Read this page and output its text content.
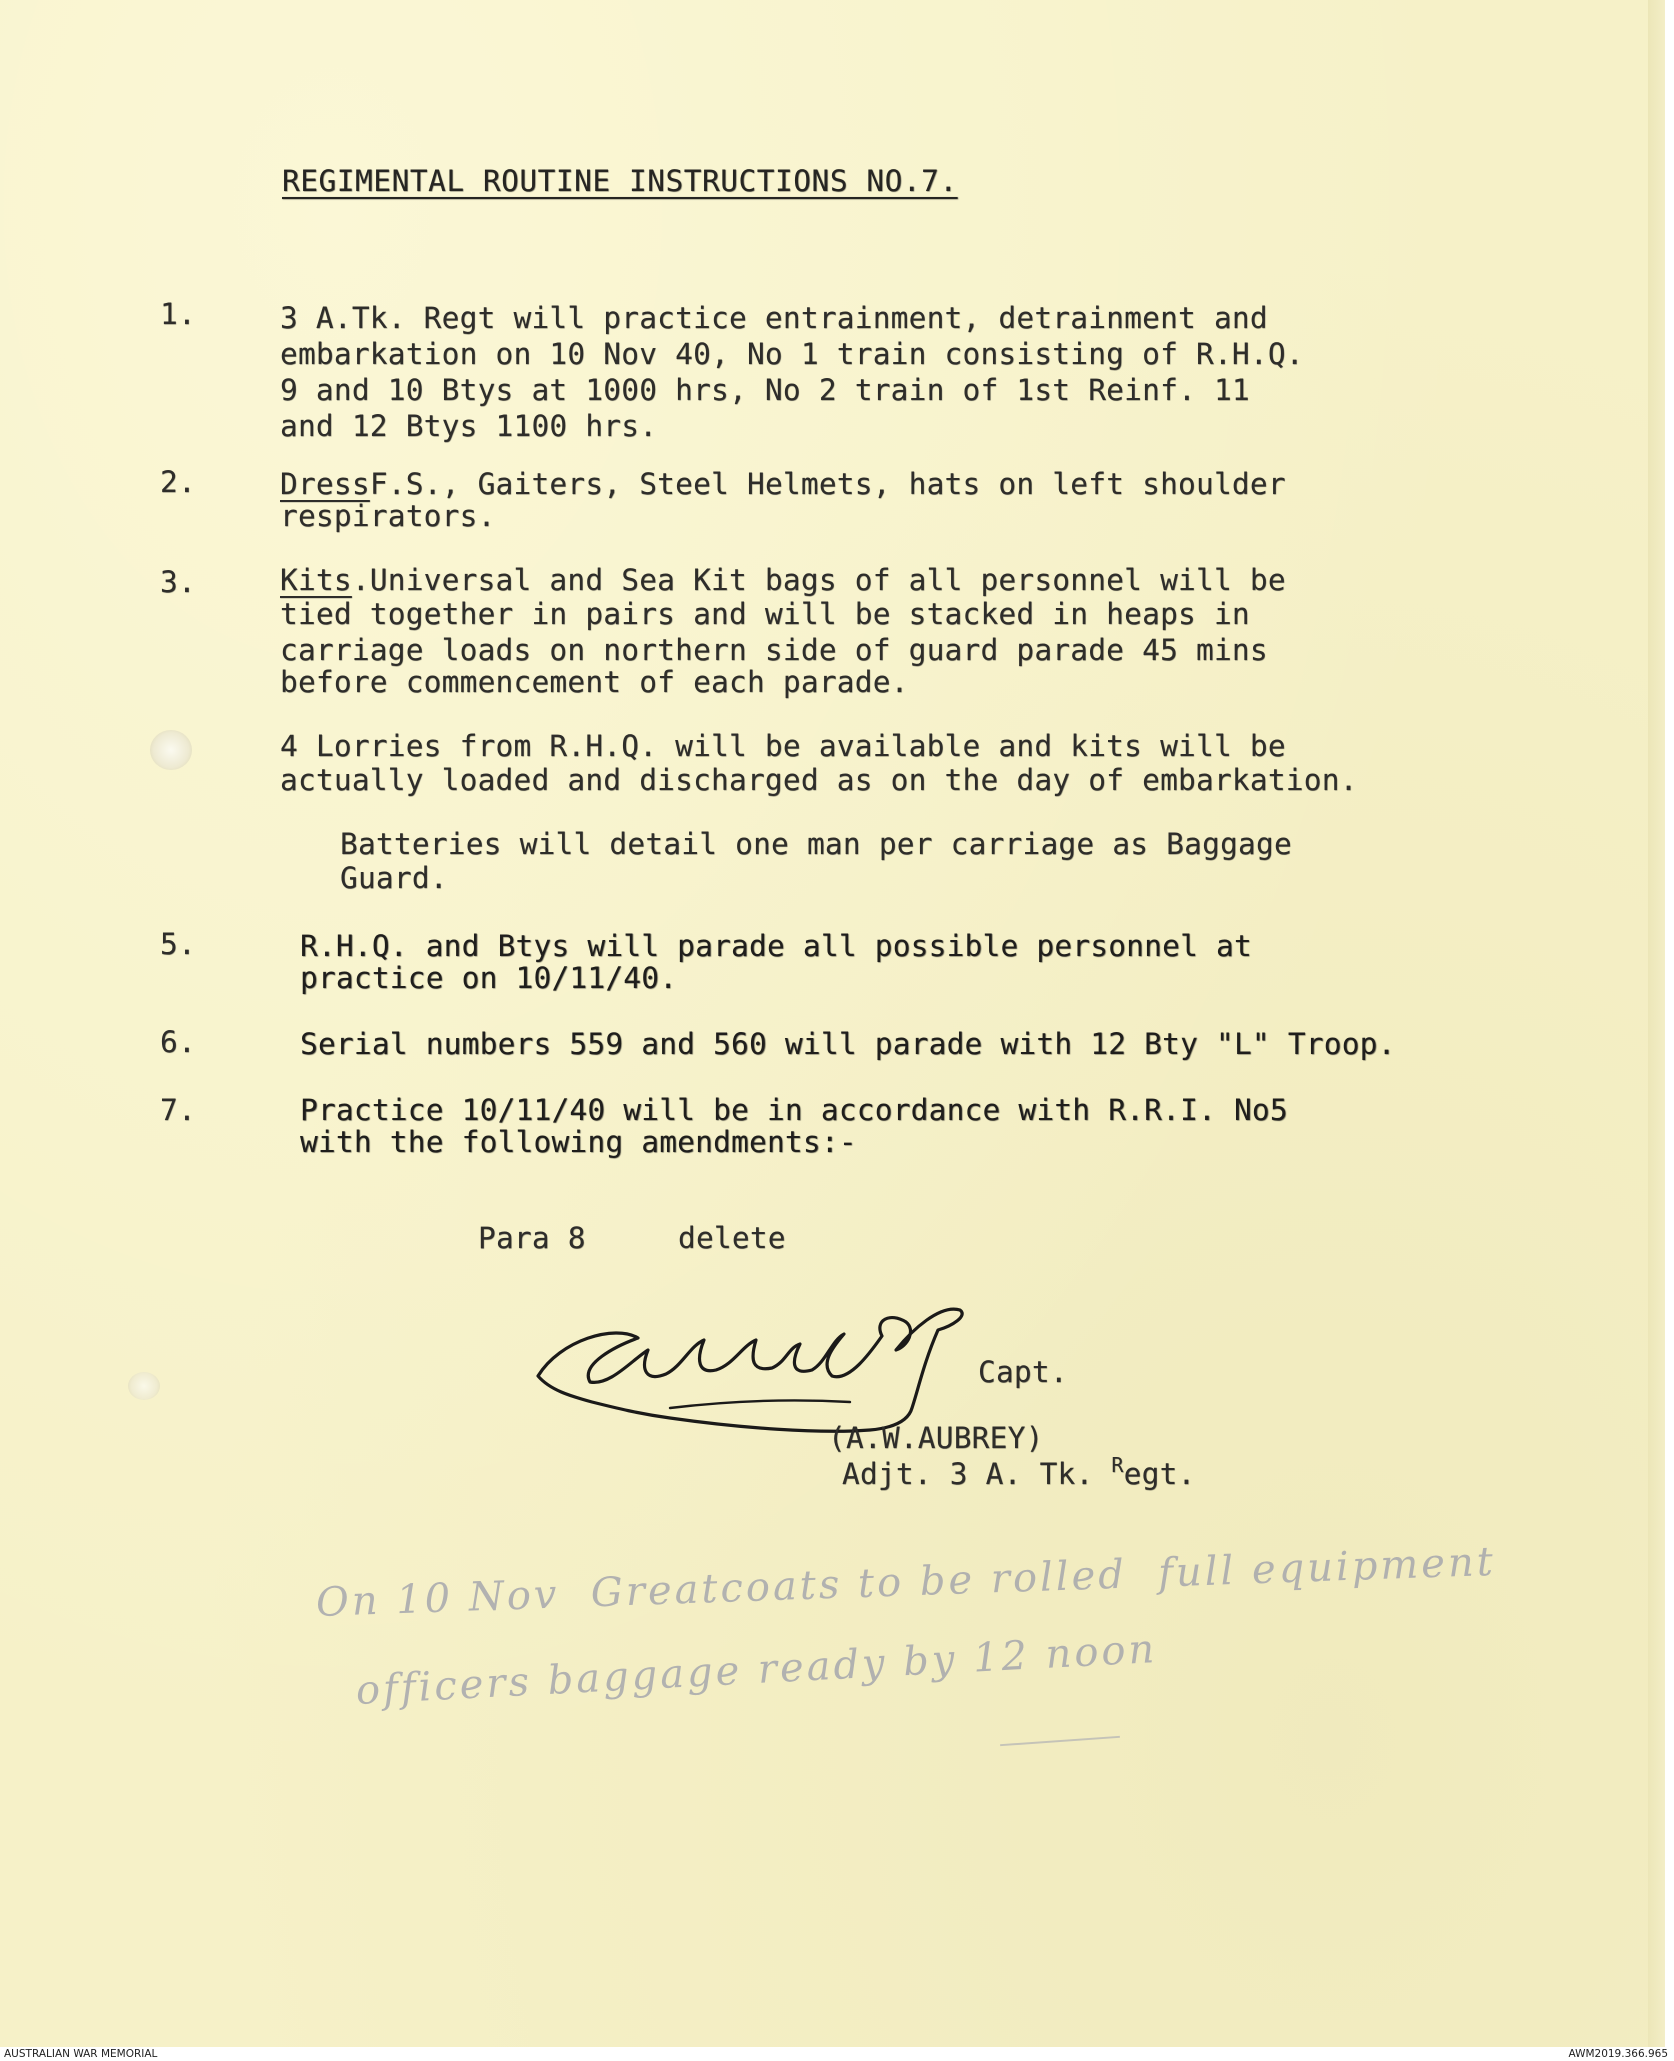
REGIMENTAL ROUTINE INSTRUCTIONS NO.7.
1.	3 A.Tk. Regt will practice entrainment, detrainment and
embarkation on 10 Nov 40, No 1 train consisting of R.H.Q.
9 and 10 Btys at 1000 hrs, No 2 train of 1st Reinf. 11
and 12 Btys 1100 hrs.
2.	DressF.S., Gaiters, Steel Helmets, hats on left shoulder
respirators.
3.	Kits.Universal and Sea Kit bags of all personnel will be
tied together in pairs and will be stacked in heaps in
carriage loads on northern side of guard parade 45 mins
before commencement of each parade.
4 Lorries from R.H.Q. will be available and kits will be
actually loaded and discharged as on the day of embarkation.
Batteries will detail one man per carriage as Baggage
Guard.
5.	R.H.Q. and Btys will parade all possible personnel at
practice on 10/11/40.
6.	Serial numbers 559 and 560 will parade with 12 Bty "L" Troop.
7.	Practice 10/11/40 will be in accordance with R.R.I. No5
with the following amendments:-
Para 8	delete
Capt.
(A.W.AUBREY)
Adjt. 3 A. Tk. $^R$egt.
On 10 Nov  Greatcoats to be rolled  full equipment
officers baggage ready by 12 noon
AUSTRALIAN WAR MEMORIAL	AWM2019.366.965
